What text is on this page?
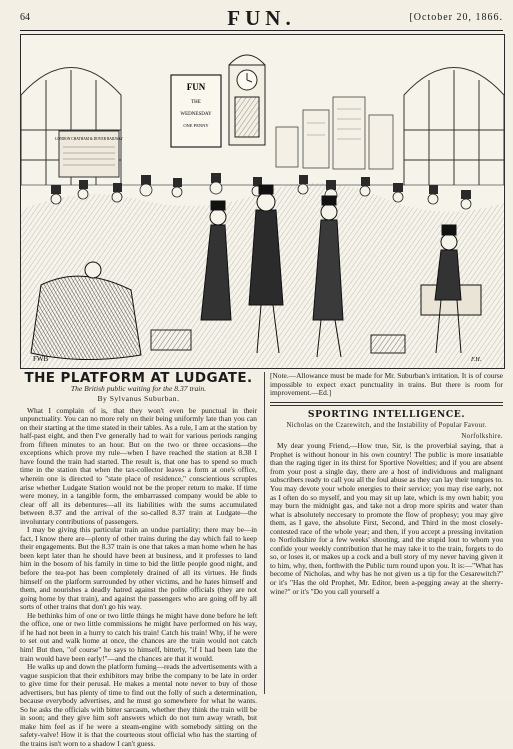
64	FUN.	[October 20, 1866.
LONDON CHATHAM & DOVER RAILWAY
FUN
THE
WEDNESDAY
ONE PENNY
FWB	F.H.
THE PLATFORM AT LUDGATE.
The British public waiting for the 8.37 train.
By Sylvanus Suburban.

What I complain of is, that they won't even be punctual in their unpunctuality. You can no more rely on their being uniformly late than you can on their starting at the time stated in their tables. As a rule, I am at the station by half-past eight, and then I've generally had to wait for various periods ranging from fifteen minutes to an hour. But on the two or three occasions—the exceptions which prove my rule—when I have reached the station at 8.38 I have found the train had started. The result is, that one has to spend so much time in the station that when the tax-collector leaves a form at one's office, wherein one is directed to "state place of residence," conscientious scruples arise whether Ludgate Station would not be the proper return to make. If time were money, in a tangible form, the embarrassed company would be able to clear off all its debentures—all its liabilities with the sums accumulated between 8.37 and the arrival of the so-called 8.37 train at Ludgate—the involuntary contributions of passengers.

I may be giving this particular train an undue partiality; there may be—in fact, I know there are—plenty of other trains during the day which fail to keep their engagements. But the 8.37 train is one that takes a man home when he has been kept later than he should have been at business, and it professes to land him in the bosom of his family in time to bid the little people good night, and before the tea-pot has been completely drained of all its virtues. He finds himself on the platform surrounded by other victims, and he hates himself and them, and nourishes a deadly hatred against the polite officials (they are not going home by that train), and against the passengers who are going off by all sorts of other trains that don't go his way.

He bethinks him of one or two little things he might have done before he left the office, one or two little commissions he might have performed on his way, if he had not been in a hurry to catch his train! Catch his train! Why, if he were to set out and walk home at once, the chances are the train would not catch him! But then, "of course" he says to himself, bitterly, "if I had been late the train would have been early!"—and the chances are that it would.

He walks up and down the platform fuming—reads the advertisements with a vague suspicion that their exhibitors may bribe the company to be late in order to give time for their perusal. He makes a mental note never to buy of those advertisers, but has plenty of time to find out the folly of such a determination, because everybody advertises, and he must go somewhere for what he wants. So he asks the officials with bitter sarcasm, whether they think the train will be in soon; and they give him soft answers which do not turn away wrath, but make him feel as if he were a steam-engine with somebody sitting on the safety-valve! How it is that the courteous stout official who has the starting of the trains isn't worn to a shadow I can't guess.

[Note.—Allowance must be made for Mr. Suburban's irritation. It is of course impossible to expect exact punctuality in trains. But there is room for improvement.—Ed.]

SPORTING INTELLIGENCE.
Nicholas on the Czarewitch, and the Instability of Popular Favour.
Norfolkshire.

My dear young Friend,—How true, Sir, is the proverbial saying, that a Prophet is without honour in his own country! The public is more insatiable than the raging tiger in its thirst for Sportive Novelties; and if you are absent from your post a single day, there are a host of individuous and malignant subscribers ready to call you all the foul abuse as they can lay their tongues to. You may devote your whole energies to their service; you may rise early, not as I often do so myself, and you may sit up late, which is my own habit; you may burn the midnight gas, and take not a drop more spirits and water than what is absolutely neccesary to promote the flow of prophesy; you may give them, as I gave, the absolute First, Second, and Third in the most closely-contested race of the whole year; and then, if you accept a pressing invitation to Norfolkshire for a few weeks' shooting, and the stupid lout to whom you confide your weekly contribution that he may take it to the train, forgets to do so, or loses it, or makes up a cock and a bull story of my never having given it to him, why, then, forthwith the Public turn round upon you. It is:—"What has become of Nicholas, and why has he not given us a tip for the Cesarewitch?" or it's "Has the old Prophet, Mr. Editor, been a-pegging away at the sherry-wine?" or it's "Do you call yourself a
